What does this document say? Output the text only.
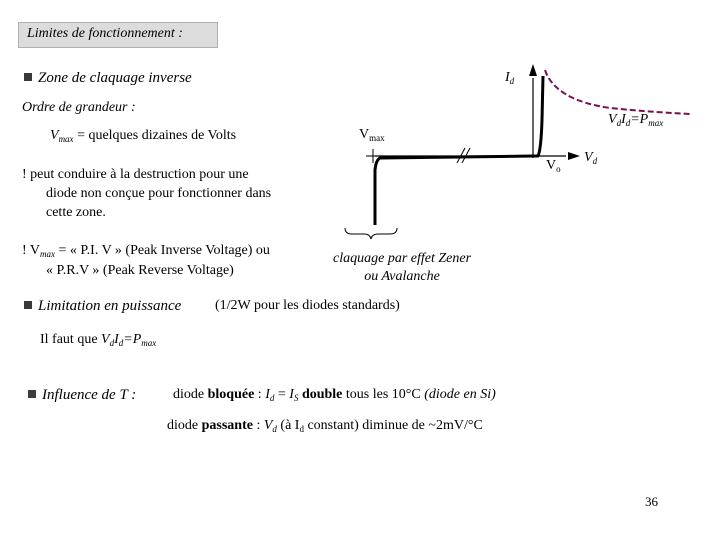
Limites de fonctionnement :
Zone de claquage inverse
Ordre de grandeur :
$V_{max}$ = quelques dizaines de Volts
! peut conduire à la destruction pour une
diode non conçue pour fonctionner dans
cette zone.
! $V_{max}$ = « P.I. V » (Peak Inverse Voltage) ou
« P.R.V » (Peak Reverse Voltage)
$I_d$
$V_d$
$V_o$
$V_{max}$
$V_dI_d=P_{max}$
claquage par effet Zener
ou Avalanche
Limitation en puissance (1/2W pour les diodes standards)
Il faut que $V_dI_d=P_{max}$
Influence de T :	diode bloquée : $I_d = I_S$ double tous les 10°C (diode en Si)
diode passante : $V_d$ (à $I_d$ constant) diminue de ~2mV/°C
36
